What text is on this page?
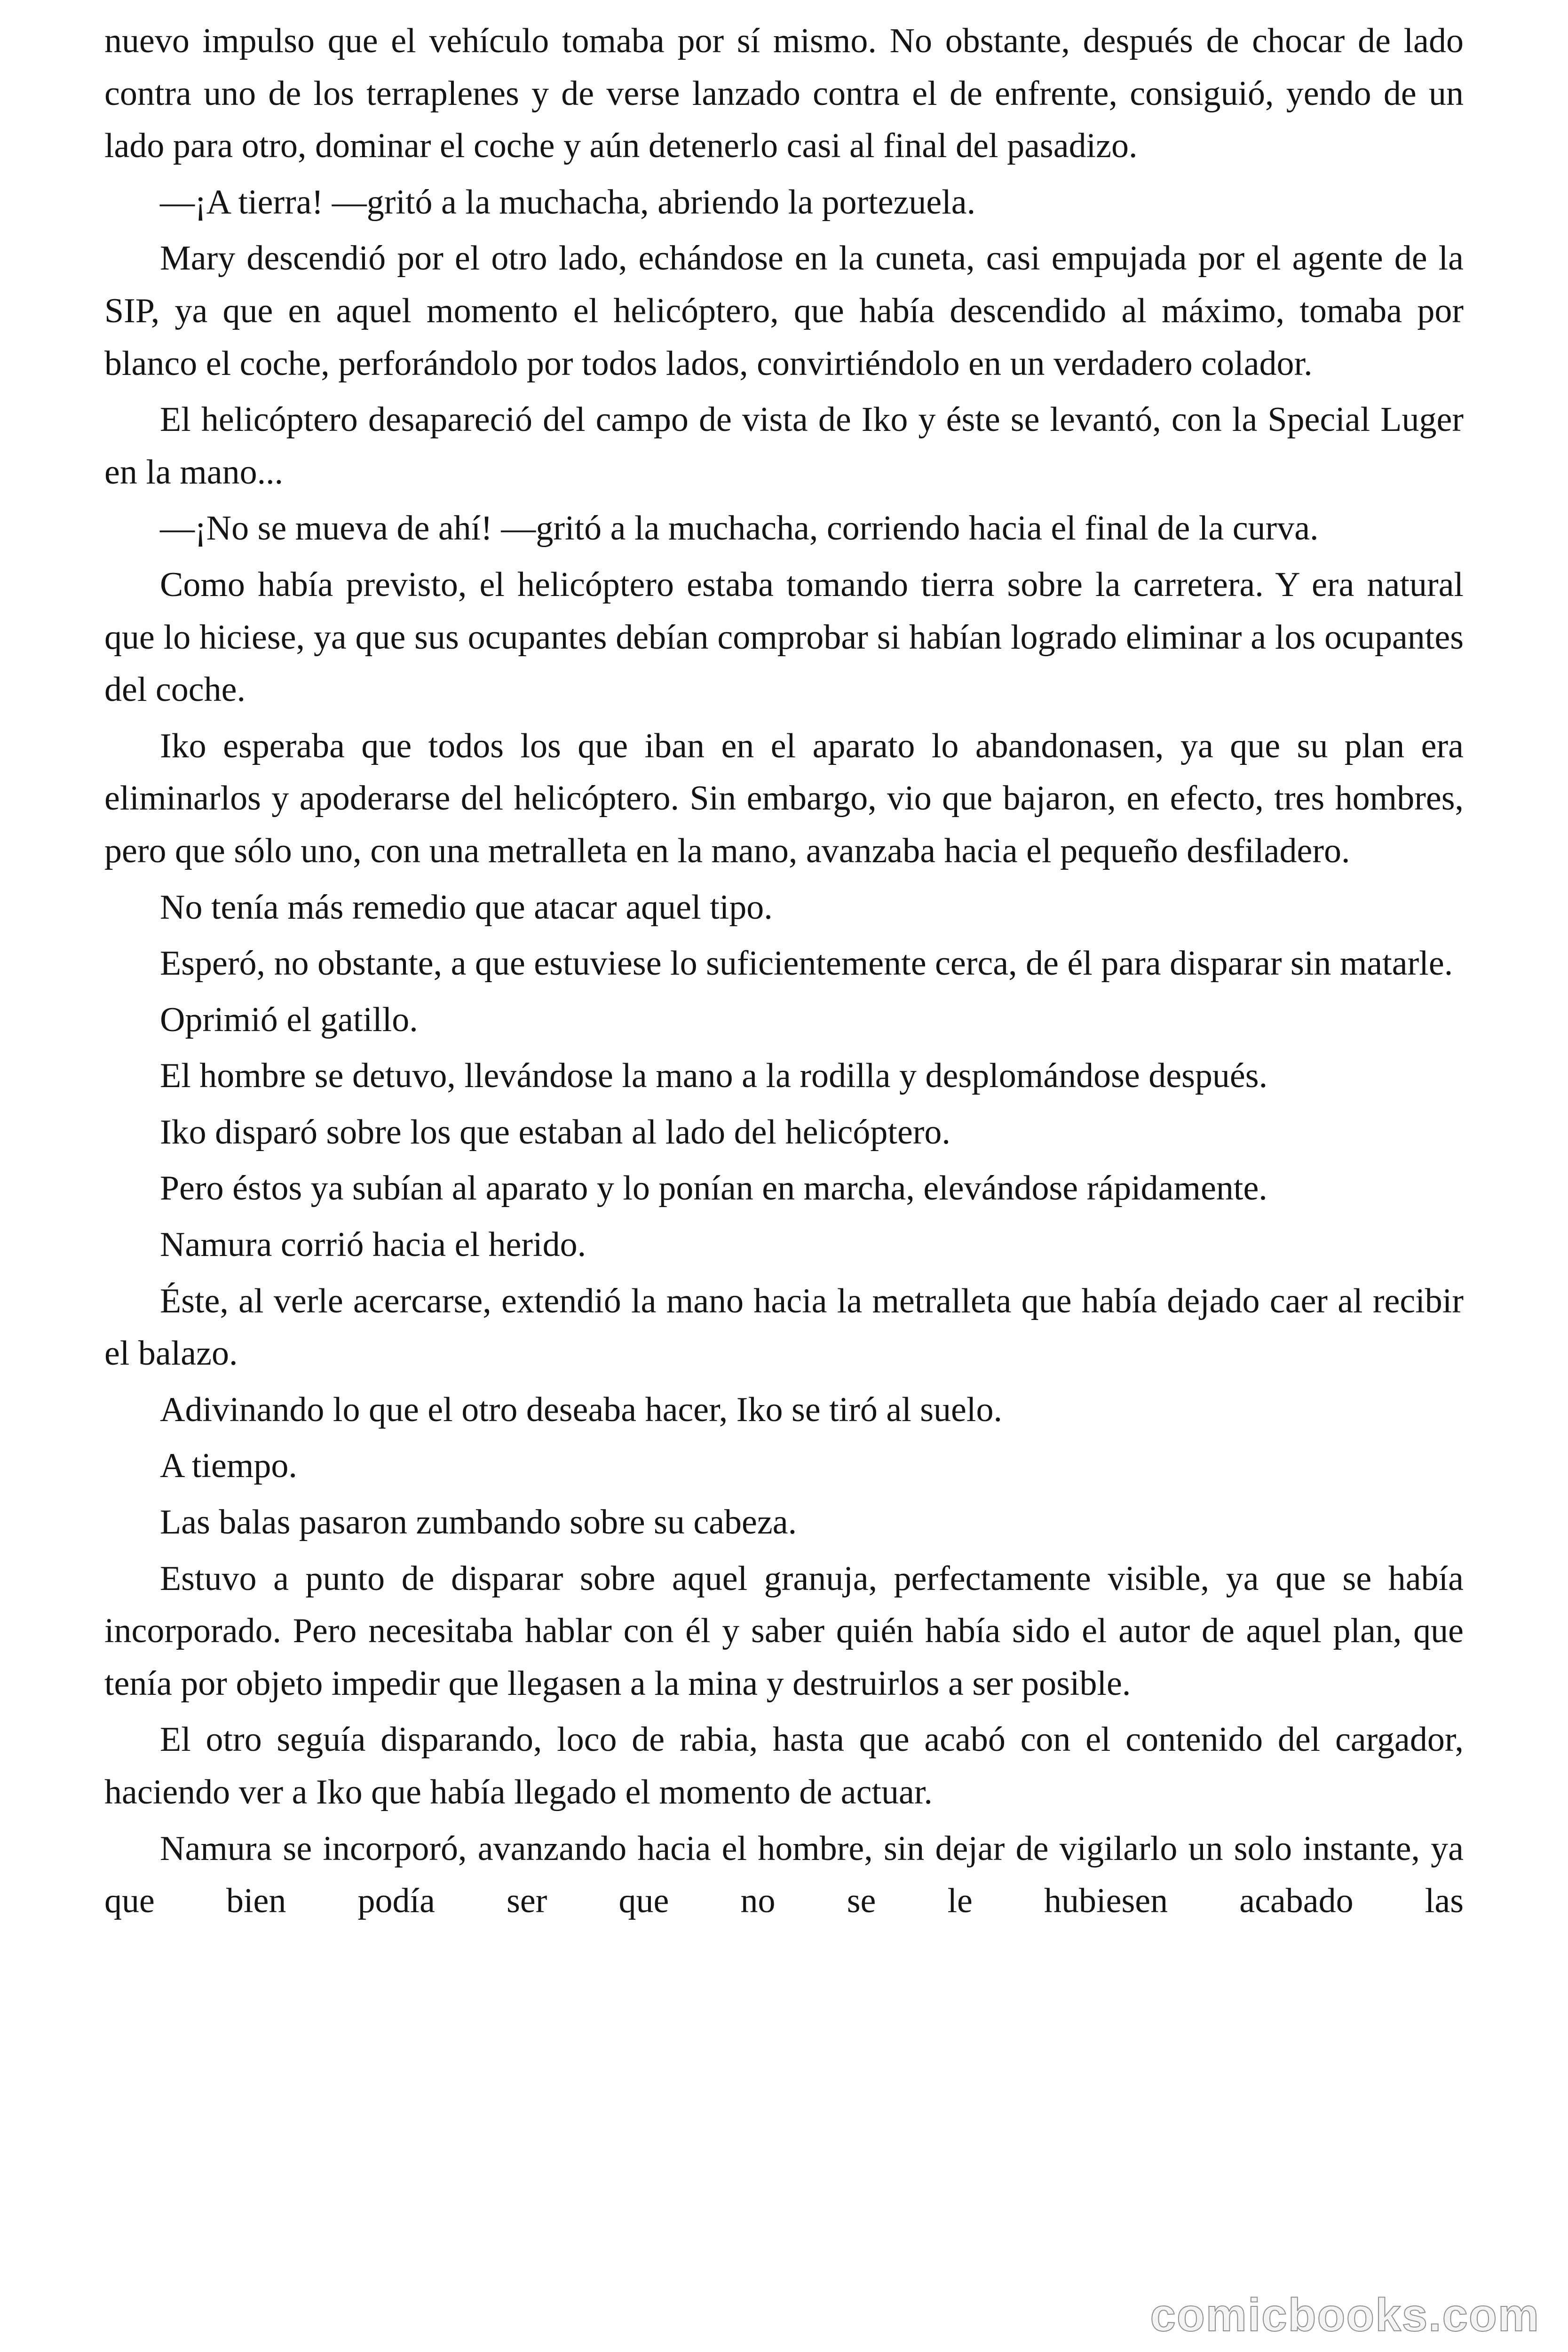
nuevo impulso que el vehículo tomaba por sí mismo. No obstante, después de chocar de lado contra uno de los terraplenes y de verse lanzado contra el de enfrente, consiguió, yendo de un lado para otro, dominar el coche y aún detenerlo casi al final del pasadizo.

—¡A tierra! —gritó a la muchacha, abriendo la portezuela.

Mary descendió por el otro lado, echándose en la cuneta, casi empujada por el agente de la SIP, ya que en aquel momento el helicóptero, que había descendido al máximo, tomaba por blanco el coche, perforándolo por todos lados, convirtiéndolo en un verdadero colador.

El helicóptero desapareció del campo de vista de Iko y éste se levantó, con la Special Luger en la mano...

—¡No se mueva de ahí! —gritó a la muchacha, corriendo hacia el final de la curva.

Como había previsto, el helicóptero estaba tomando tierra sobre la carretera. Y era natural que lo hiciese, ya que sus ocupantes debían comprobar si habían logrado eliminar a los ocupantes del coche.

Iko esperaba que todos los que iban en el aparato lo abandonasen, ya que su plan era eliminarlos y apoderarse del helicóptero. Sin embargo, vio que bajaron, en efecto, tres hombres, pero que sólo uno, con una metralleta en la mano, avanzaba hacia el pequeño desfiladero.

No tenía más remedio que atacar aquel tipo.

Esperó, no obstante, a que estuviese lo suficientemente cerca, de él para disparar sin matarle.

Oprimió el gatillo.

El hombre se detuvo, llevándose la mano a la rodilla y desplomándose después.

Iko disparó sobre los que estaban al lado del helicóptero.

Pero éstos ya subían al aparato y lo ponían en marcha, elevándose rápidamente.

Namura corrió hacia el herido.

Éste, al verle acercarse, extendió la mano hacia la metralleta que había dejado caer al recibir el balazo.

Adivinando lo que el otro deseaba hacer, Iko se tiró al suelo.

A tiempo.

Las balas pasaron zumbando sobre su cabeza.

Estuvo a punto de disparar sobre aquel granuja, perfectamente visible, ya que se había incorporado. Pero necesitaba hablar con él y saber quién había sido el autor de aquel plan, que tenía por objeto impedir que llegasen a la mina y destruirlos a ser posible.

El otro seguía disparando, loco de rabia, hasta que acabó con el contenido del cargador, haciendo ver a Iko que había llegado el momento de actuar.

Namura se incorporó, avanzando hacia el hombre, sin dejar de vigilarlo un solo instante, ya que bien podía ser que no se le hubiesen acabado las

comicbooks.com
